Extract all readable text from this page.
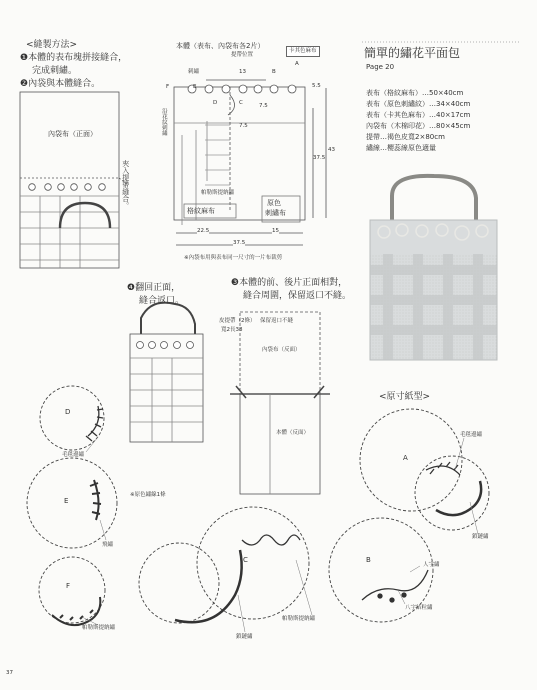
<縫製方法>
❶本體的表布塊拼接縫合，
完成刺繡。
❷內袋與本體縫合。
內袋布（正面）
夾入提帶縫合。
本體（表布、內袋布各2片）
提帶位置
卡其色麻布
刺繡	13	B
A
F	E
D	C
5.5
7.5
7.5
43
37.5
沿花紋刺繡
帕勒斯提納繡
格紋麻布
原色
刺繡布
22.5	15
37.5
※內袋布用與表布同一尺寸的一片布裁剪
簡單的繡花平面包
Page 20
表布（格紋麻布）…50×40cm
表布（原色刺繡紋）…34×40cm
表布（卡其色麻布）…40×17cm
內袋布（木棉印花）…80×45cm
提帶…褐色皮寬2×80cm
繡線…櫻蕊線原色適量
❹翻回正面，
縫合返口。
皮提帶（2條）
寬2長38
❸本體的前、後片正面相對，
縫合周圍，保留返口不縫。
保留返口不縫
內袋布（反面）
本體（反面）
<原寸紙型>
D
毛毯邊繡
E
※原色繡線1條
飛繡
F
帕勒斯提納繡
C
鎖鏈繡
帕勒斯提納繡
B
人字繡
八字結粒繡
A
毛毯邊繡
鎖鏈繡
37
